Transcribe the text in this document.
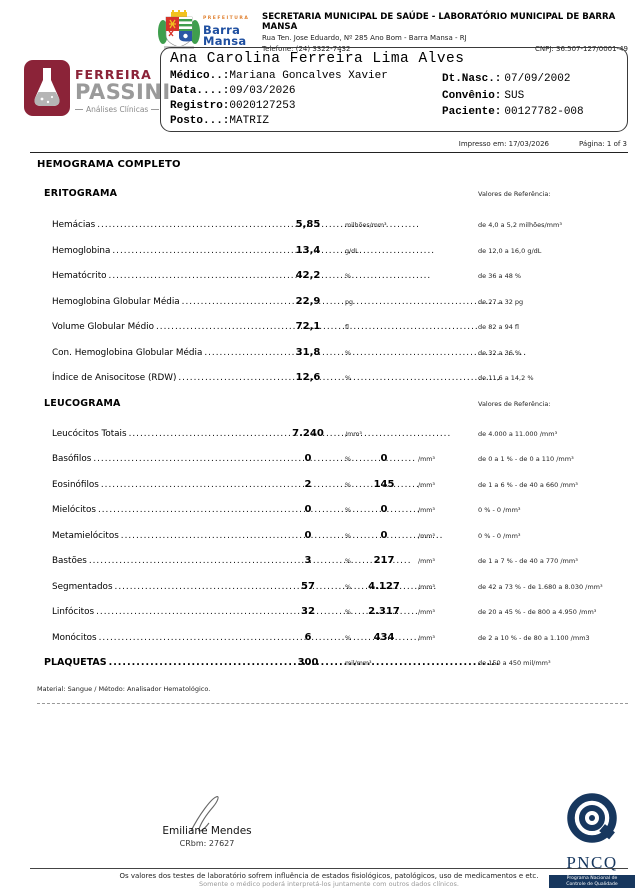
PREFEITURA
Barra
Mansa
SECRETARIA MUNICIPAL DE SAÚDE - LABORATÓRIO MUNICIPAL DE BARRA MANSA
Rua Ten. Jose Eduardo, Nº 285 Ano Bom - Barra Mansa - RJ
Telefone: (24) 3322-7432	CNPJ: 36.507-127/0001-49
FERREIRA
PASSINI
Análises Clínicas
Ana Carolina Ferreira Lima Alves
Médico..:Mariana Goncalves Xavier
Data....:09/03/2026
Registro:0020127253
Posto...:MATRIZ
Dt.Nasc.: 07/09/2002
Convênio: SUS
Paciente: 00127782-008
Impresso em: 17/03/2026	Página: 1 of 3
HEMOGRAMA COMPLETO
ERITOGRAMA	Valores de Referência:
Hemácias .....	5,85	milhões/mm³	de 4,0 a 5,2 milhões/mm³
Hemoglobina .....	13,4	g/dL	de 12,0 a 16,0 g/dL
Hematócrito .....	42,2	%	de 36 a 48 %
Hemoglobina Globular Média .....	22,9	pg	de 27 a 32 pg
Volume Globular Médio .....	72,1	fl	de 82 a 94 fl
Con. Hemoglobina Globular Média .....	31,8	%	de 32 a 36 %
Índice de Anisocitose (RDW) .....	12,6	%	de 11,6 a 14,2 %
LEUCOGRAMA	Valores de Referência:
Leucócitos Totais .....	7.240	/mm³	de 4.000 a 11.000 /mm³
Basófilos .....	0	%	0	/mm³	de 0 a 1 % - de 0 a 110 /mm³
Eosinófilos .....	2	%	145	/mm³	de 1 a 6 % - de 40 a 660 /mm³
Mielócitos .....	0	%	0	/mm³	0 % - 0 /mm³
Metamielócitos .....	0	%	0	/mm³	0 % - 0 /mm³
Bastões .....	3	%	217	/mm³	de 1 a 7 % - de 40 a 770 /mm³
Segmentados .....	57	%	4.127	/mm³	de 42 a 73 % - de 1.680 a 8.030 /mm³
Linfócitos .....	32	%	2.317	/mm³	de 20 a 45 % - de 800 a 4.950 /mm³
Monócitos .....	6	%	434	/mm³	de 2 a 10 % - de 80 a 1.100 /mm3
PLAQUETAS .....	300	mil/mm³	de 150 a 450 mil/mm³
Material: Sangue / Método: Analisador Hematológico.
Emiliane Mendes
CRbm: 27627
PNCQ
Programa Nacional de
Controle de Qualidade
Os valores dos testes de laboratório sofrem influência de estados fisiológicos, patológicos, uso de medicamentos e etc.
Somente o médico poderá interpretá-los juntamente com outros dados clínicos.
